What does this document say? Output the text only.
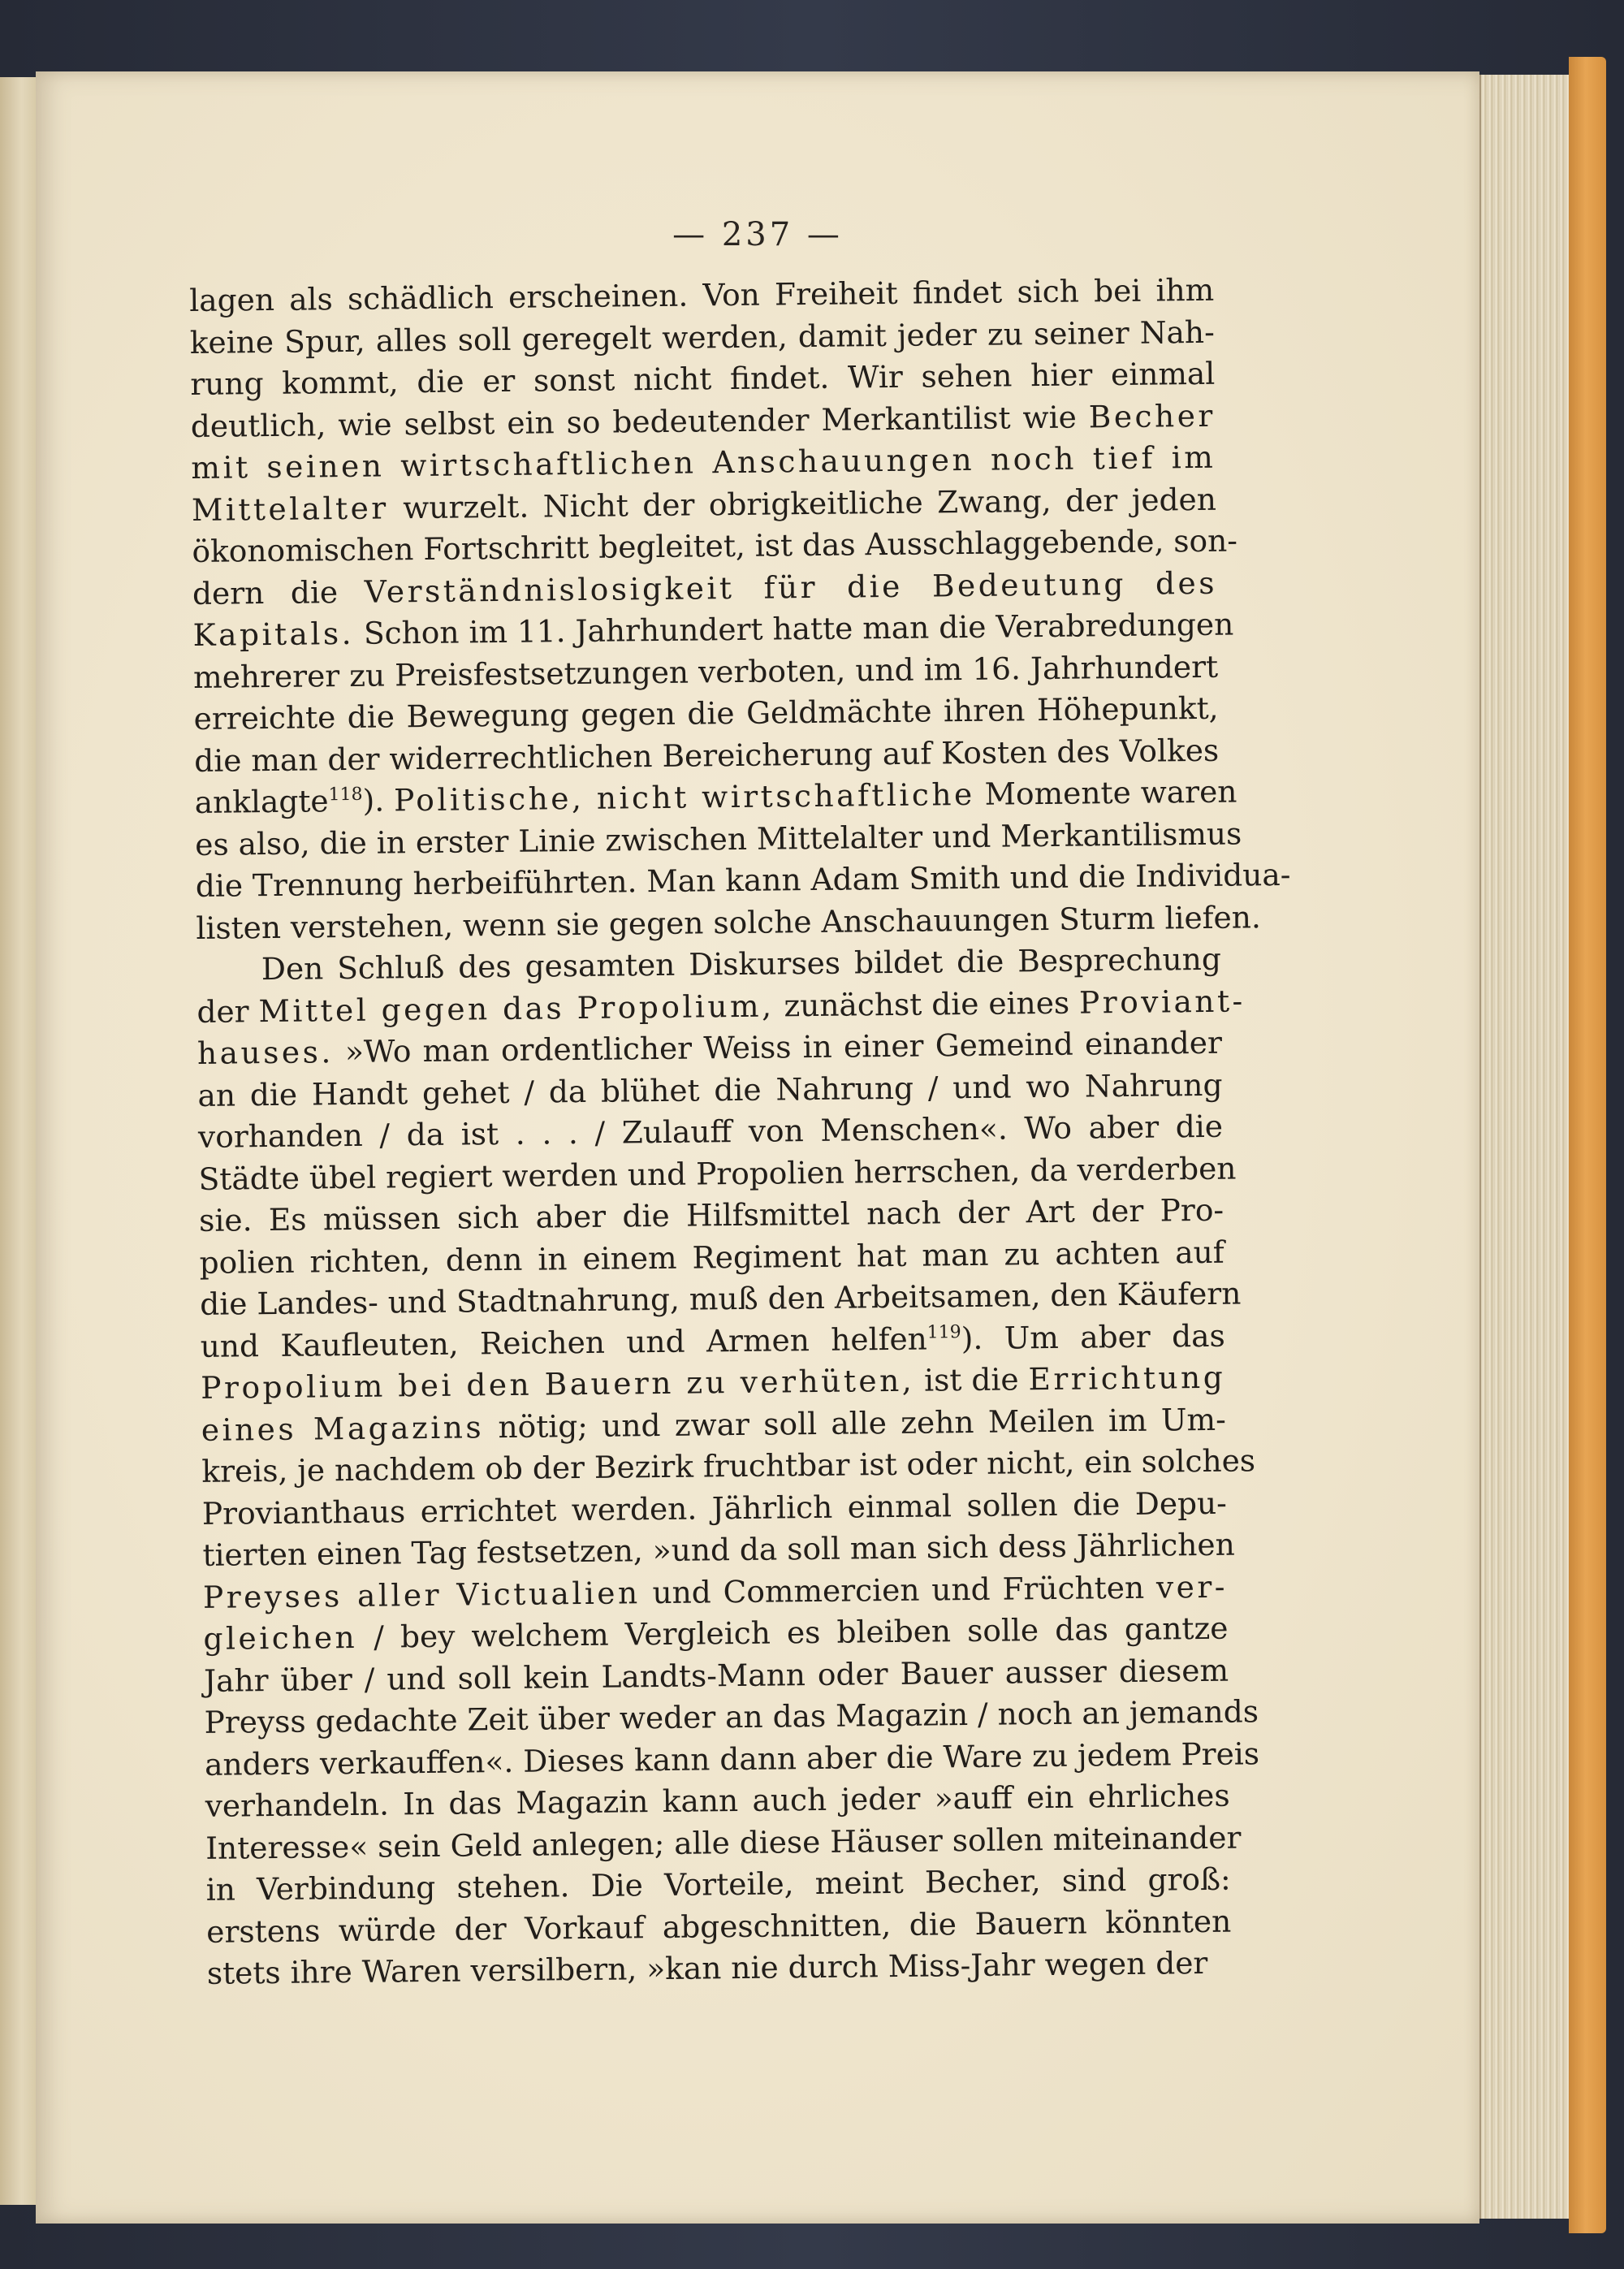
— 237 —
lagen als schädlich erscheinen. Von Freiheit findet sich bei ihm
keine Spur, alles soll geregelt werden, damit jeder zu seiner Nah-
rung kommt, die er sonst nicht findet. Wir sehen hier einmal
deutlich, wie selbst ein so bedeutender Merkantilist wie Becher
mit seinen wirtschaftlichen Anschauungen noch tief im
Mittelalter wurzelt. Nicht der obrigkeitliche Zwang, der jeden
ökonomischen Fortschritt begleitet, ist das Ausschlaggebende, son-
dern die Verständnislosigkeit für die Bedeutung des
Kapitals. Schon im 11. Jahrhundert hatte man die Verabredungen
mehrerer zu Preisfestsetzungen verboten, und im 16. Jahrhundert
erreichte die Bewegung gegen die Geldmächte ihren Höhepunkt,
die man der widerrechtlichen Bereicherung auf Kosten des Volkes
anklagte$^{118}$). Politische, nicht wirtschaftliche Momente waren
es also, die in erster Linie zwischen Mittelalter und Merkantilismus
die Trennung herbeiführten. Man kann Adam Smith und die Individua-
listen verstehen, wenn sie gegen solche Anschauungen Sturm liefen.
Den Schluß des gesamten Diskurses bildet die Besprechung
der Mittel gegen das Propolium, zunächst die eines Proviant-
hauses. »Wo man ordentlicher Weiss in einer Gemeind einander
an die Handt gehet / da blühet die Nahrung / und wo Nahrung
vorhanden / da ist . . . / Zulauff von Menschen«. Wo aber die
Städte übel regiert werden und Propolien herrschen, da verderben
sie. Es müssen sich aber die Hilfsmittel nach der Art der Pro-
polien richten, denn in einem Regiment hat man zu achten auf
die Landes- und Stadtnahrung, muß den Arbeitsamen, den Käufern
und Kaufleuten, Reichen und Armen helfen$^{119}$). Um aber das
Propolium bei den Bauern zu verhüten, ist die Errichtung
eines Magazins nötig; und zwar soll alle zehn Meilen im Um-
kreis, je nachdem ob der Bezirk fruchtbar ist oder nicht, ein solches
Provianthaus errichtet werden. Jährlich einmal sollen die Depu-
tierten einen Tag festsetzen, »und da soll man sich dess Jährlichen
Preyses aller Victualien und Commercien und Früchten ver-
gleichen / bey welchem Vergleich es bleiben solle das gantze
Jahr über / und soll kein Landts-Mann oder Bauer ausser diesem
Preyss gedachte Zeit über weder an das Magazin / noch an jemands
anders verkauffen«. Dieses kann dann aber die Ware zu jedem Preis
verhandeln. In das Magazin kann auch jeder »auff ein ehrliches
Interesse« sein Geld anlegen; alle diese Häuser sollen miteinander
in Verbindung stehen. Die Vorteile, meint Becher, sind groß:
erstens würde der Vorkauf abgeschnitten, die Bauern könnten
stets ihre Waren versilbern, »kan nie durch Miss-Jahr wegen der
